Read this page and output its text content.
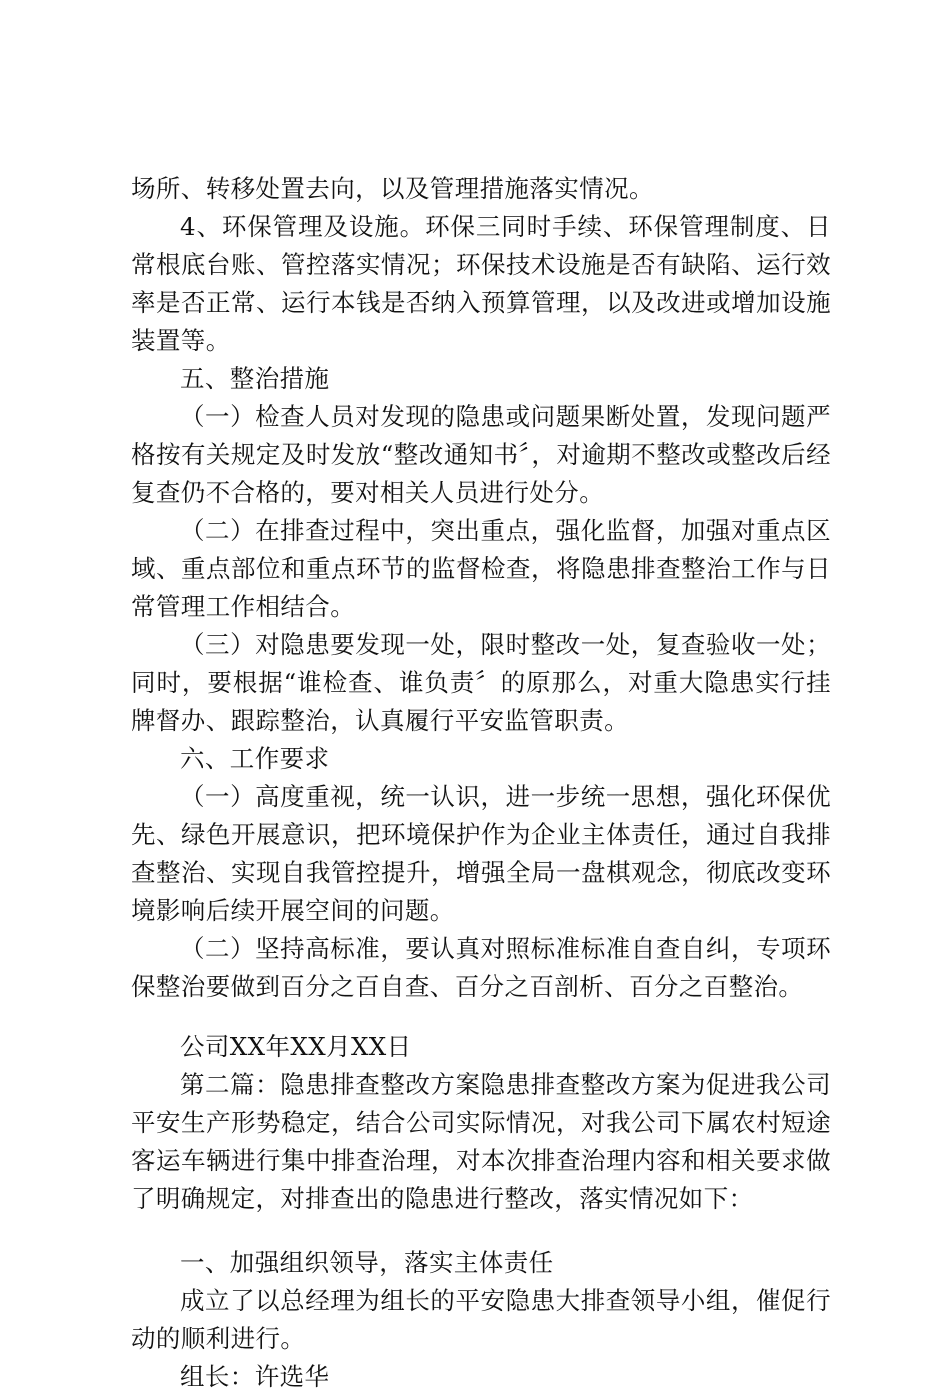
场所、转移处置去向，以及管理措施落实情况。

4、环保管理及设施。环保三同时手续、环保管理制度、日常根底台账、管控落实情况；环保技术设施是否有缺陷、运行效率是否正常、运行本钱是否纳入预算管理，以及改进或增加设施装置等。

五、整治措施

（一）检查人员对发现的隐患或问题果断处置，发现问题严格按有关规定及时发放“整改通知书〞，对逾期不整改或整改后经复查仍不合格的，要对相关人员进行处分。

（二）在排查过程中，突出重点，强化监督，加强对重点区域、重点部位和重点环节的监督检查，将隐患排查整治工作与日常管理工作相结合。

（三）对隐患要发现一处，限时整改一处，复查验收一处；同时，要根据“谁检查、谁负责〞的原那么，对重大隐患实行挂牌督办、跟踪整治，认真履行平安监管职责。

六、工作要求

（一）高度重视，统一认识，进一步统一思想，强化环保优先、绿色开展意识，把环境保护作为企业主体责任，通过自我排查整治、实现自我管控提升，增强全局一盘棋观念，彻底改变环境影响后续开展空间的问题。

（二）坚持高标准，要认真对照标准标准自查自纠，专项环保整治要做到百分之百自查、百分之百剖析、百分之百整治。

公司XX年XX月XX日

第二篇：隐患排查整改方案隐患排查整改方案为促进我公司平安生产形势稳定，结合公司实际情况，对我公司下属农村短途客运车辆进行集中排查治理，对本次排查治理内容和相关要求做了明确规定，对排查出的隐患进行整改，落实情况如下：

一、加强组织领导，落实主体责任

成立了以总经理为组长的平安隐患大排查领导小组，催促行动的顺利进行。

组长：许选华
